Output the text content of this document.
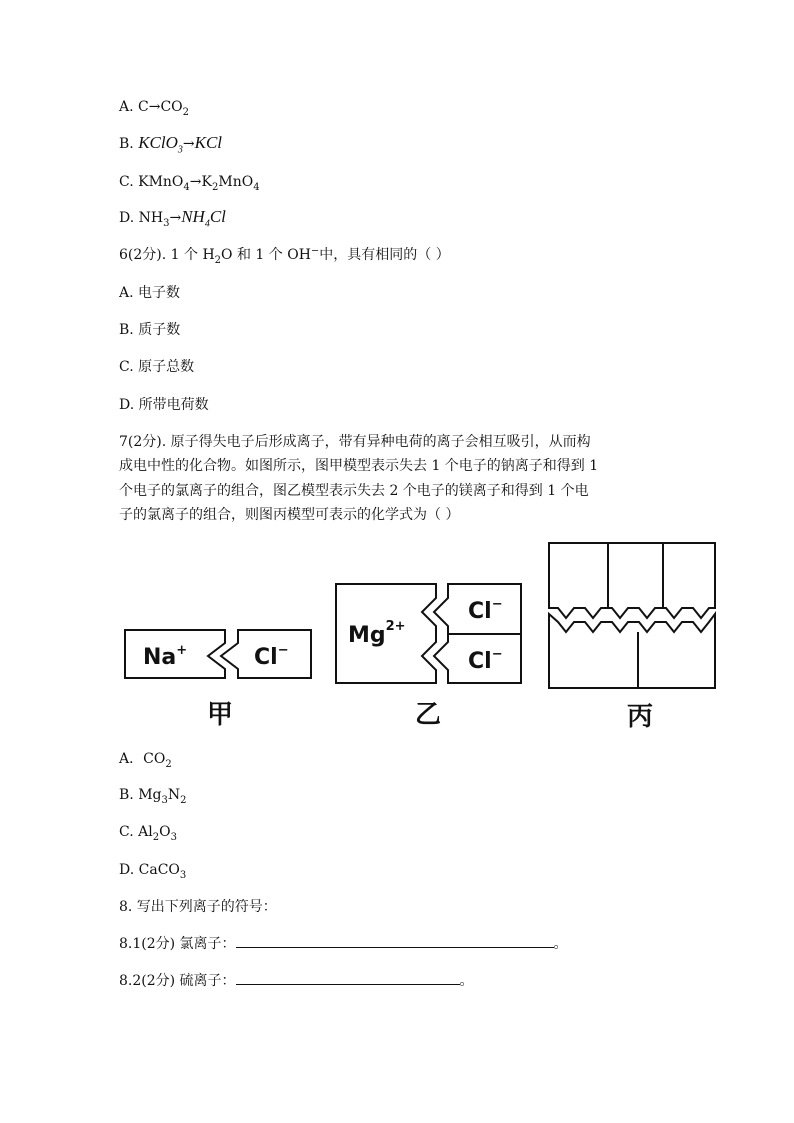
A. $C\to CO_2$
B. KClO$_3$→KCl
C. $KMnO_4\to K_2MnO_4$
D. $NH_3\to NH_4Cl$
6(2分). 1 个 $H_2O$ 和 1 个 OH−中，具有相同的（ ）
A. 电子数
B. 质子数
C. 原子总数
D. 所带电荷数
7(2分). 原子得失电子后形成离子，带有异种电荷的离子会相互吸引，从而构
成电中性的化合物。如图所示，图甲模型表示失去 1 个电子的钠离子和得到 1
个电子的氯离子的组合，图乙模型表示失去 2 个电子的镁离子和得到 1 个电
子的氯离子的组合，则图丙模型可表示的化学式为（ ）
Na+	Cl−
$Mg^{2+}$
Cl−
Cl−
甲	乙	丙
A．$CO_2$
B. $Mg_3N_2$
C. $Al_2O_3$
D. CaCO$_3$
8. 写出下列离子的符号：
8.1(2分) 氯离子：	。
8.2(2分) 硫离子：	。
